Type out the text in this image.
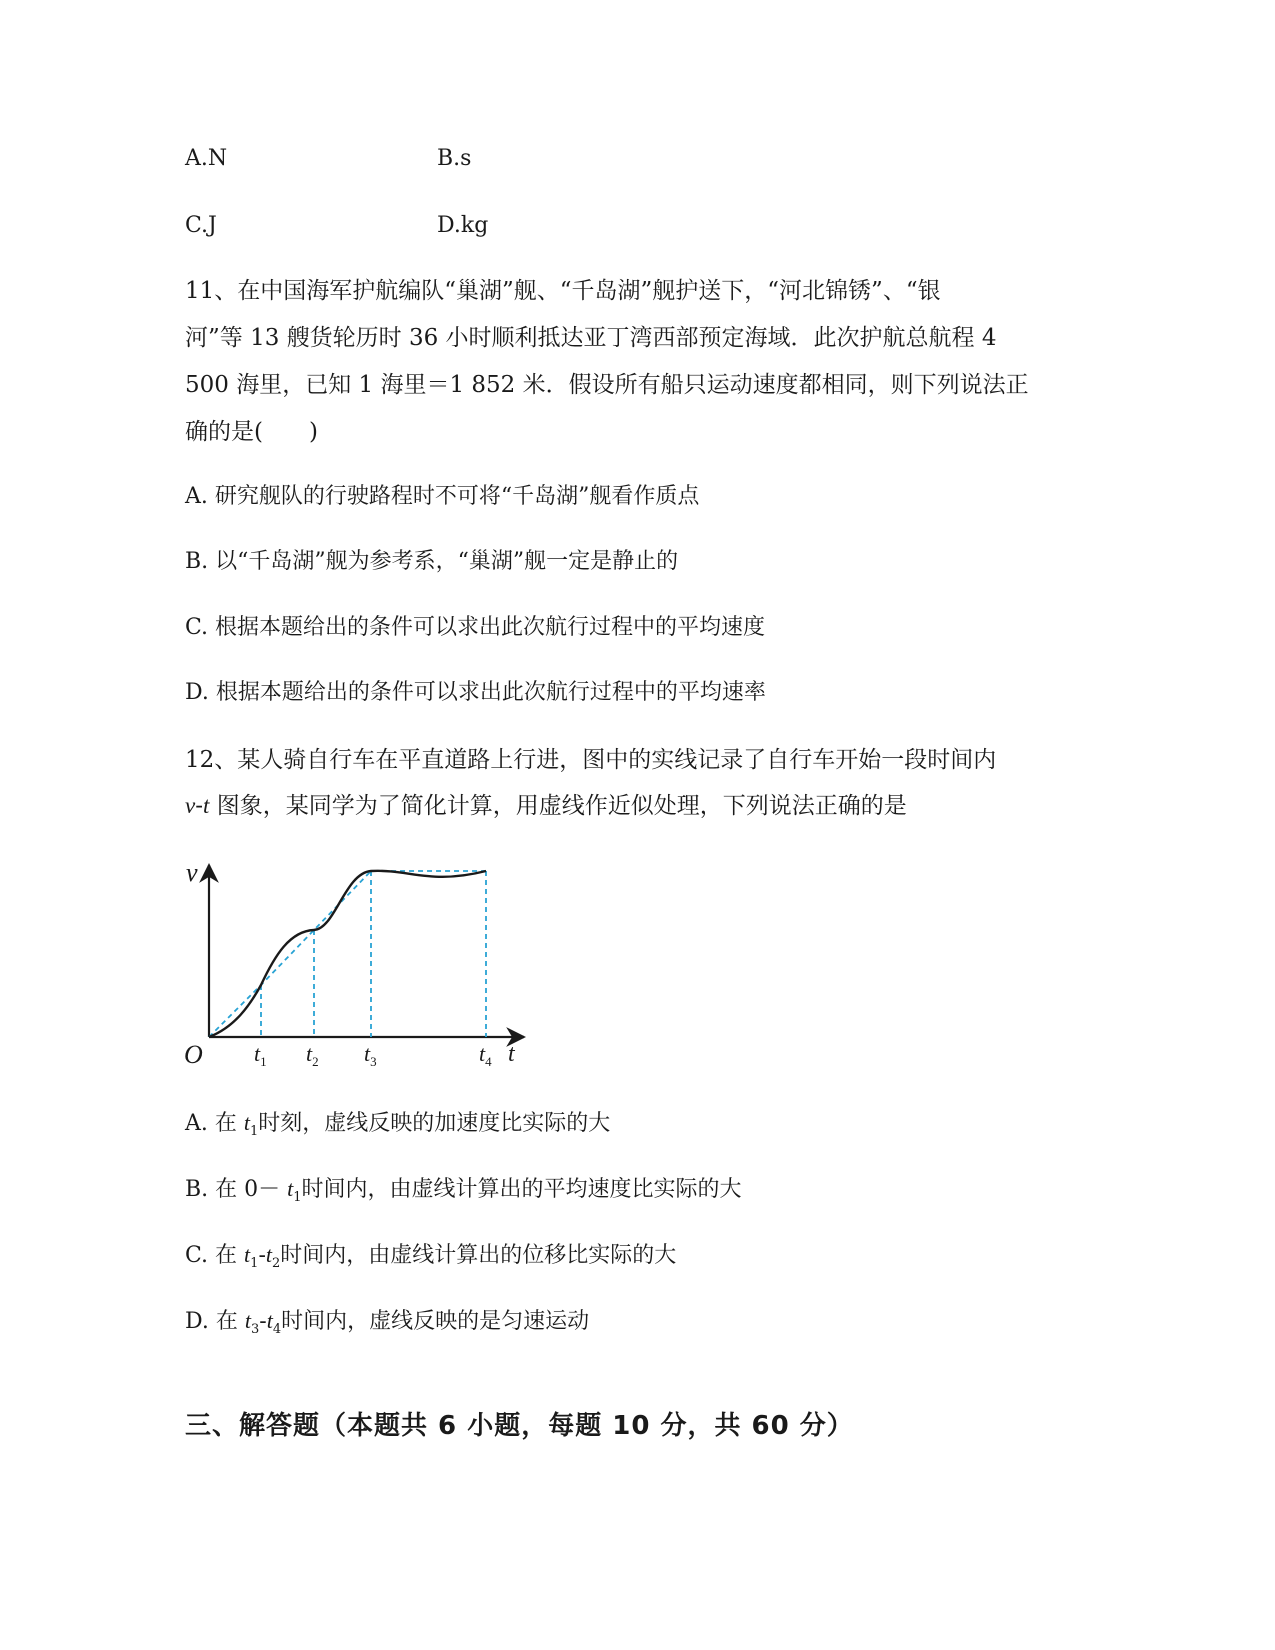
A.N	B.s
C.J	D.kg
11、在中国海军护航编队“巢湖”舰、“千岛湖”舰护送下，“河北锦锈”、“银
河”等 13 艘货轮历时 36 小时顺利抵达亚丁湾西部预定海域．此次护航总航程 4
500 海里，已知 1 海里＝1 852 米．假设所有船只运动速度都相同，则下列说法正
确的是(　　)
A. 研究舰队的行驶路程时不可将“千岛湖”舰看作质点
B. 以“千岛湖”舰为参考系，“巢湖”舰一定是静止的
C. 根据本题给出的条件可以求出此次航行过程中的平均速度
D. 根据本题给出的条件可以求出此次航行过程中的平均速率
12、某人骑自行车在平直道路上行进，图中的实线记录了自行车开始一段时间内
v-t 图象，某同学为了简化计算，用虚线作近似处理，下列说法正确的是
v
O	t
$t_1$ $t_2$ $t_3$	$t_4$
A. 在 $t_1$时刻，虚线反映的加速度比实际的大
B. 在 $0- t_1$时间内，由虚线计算出的平均速度比实际的大
C. 在 $t_1-t_2$时间内，由虚线计算出的位移比实际的大
D. 在 $t_3-t_4$时间内，虚线反映的是匀速运动
三、解答题（本题共 6 小题，每题 10 分，共 60 分）
